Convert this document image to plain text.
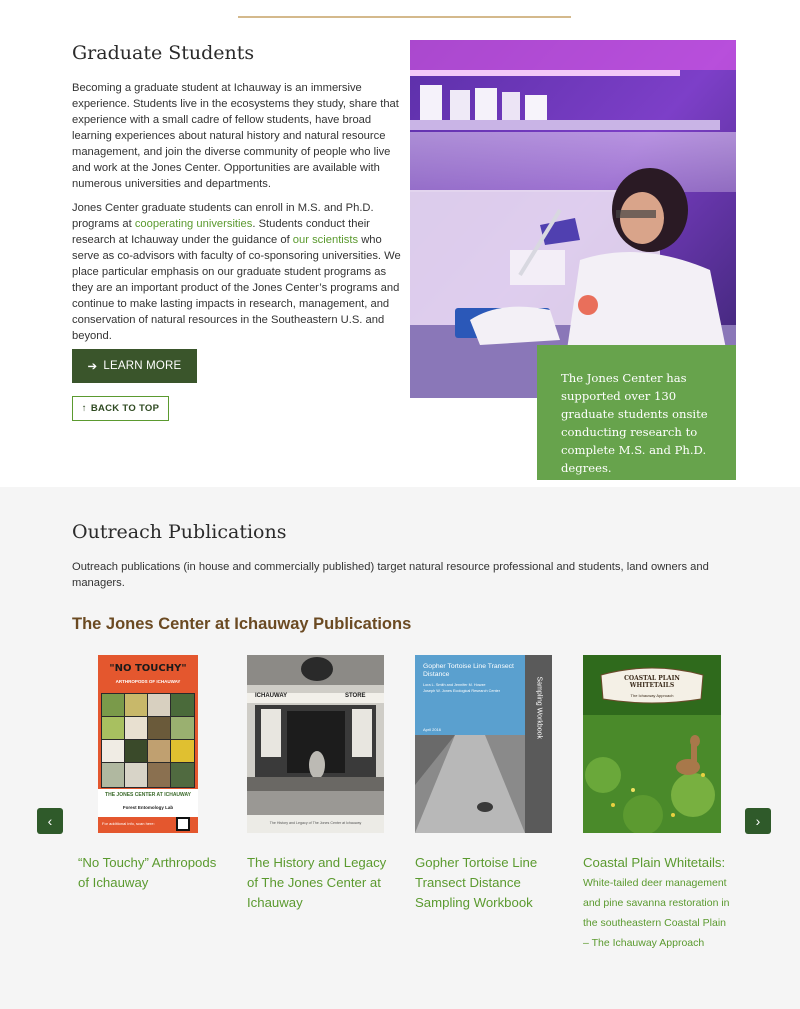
Graduate Students

Becoming a graduate student at Ichauway is an immersive experience. Students live in the ecosystems they study, share that experience with a small cadre of fellow students, have broad learning experiences about natural history and natural resource management, and join the diverse community of people who live and work at the Jones Center. Opportunities are available with numerous universities and departments.

Jones Center graduate students can enroll in M.S. and Ph.D. programs at cooperating universities. Students conduct their research at Ichauway under the guidance of our scientists who serve as co-advisors with faculty of co-sponsoring universities. We place particular emphasis on our graduate student programs as they are an important product of the Jones Center’s programs and continue to make lasting impacts in research, management, and conservation of natural resources in the Southeastern U.S. and beyond.

➔ LEARN MORE
↑ BACK TO TOP
The Jones Center has supported over 130 graduate students onsite conducting research to complete M.S. and Ph.D. degrees.
Outreach Publications

Outreach publications (in house and commercially published) target natural resource professional and students, land owners and managers.

The Jones Center at Ichauway Publications
‹	›
"NO TOUCHY"
ARTHROPODS OF ICHAUWAY
THE JONES CENTER AT ICHAUWAY
Forest Entomology Lab
For additional info, scan here:
“No Touchy” Arthropods of Ichauway
ICHAUWAY	STORE
The History and Legacy of The Jones Center at Ichauway
The History and Legacy of The Jones Center at Ichauway
Gopher Tortoise Line Transect Distance
Lora L. Smith and Jennifer M. Howze
Joseph W. Jones Ecological Research Center
April 2016	Sampling Workbook
Gopher Tortoise Line Transect Distance Sampling Workbook
COASTAL PLAIN WHITETAILS
The Ichauway Approach
Coastal Plain Whitetails:
White-tailed deer management and pine savanna restoration in the southeastern Coastal Plain – The Ichauway Approach
